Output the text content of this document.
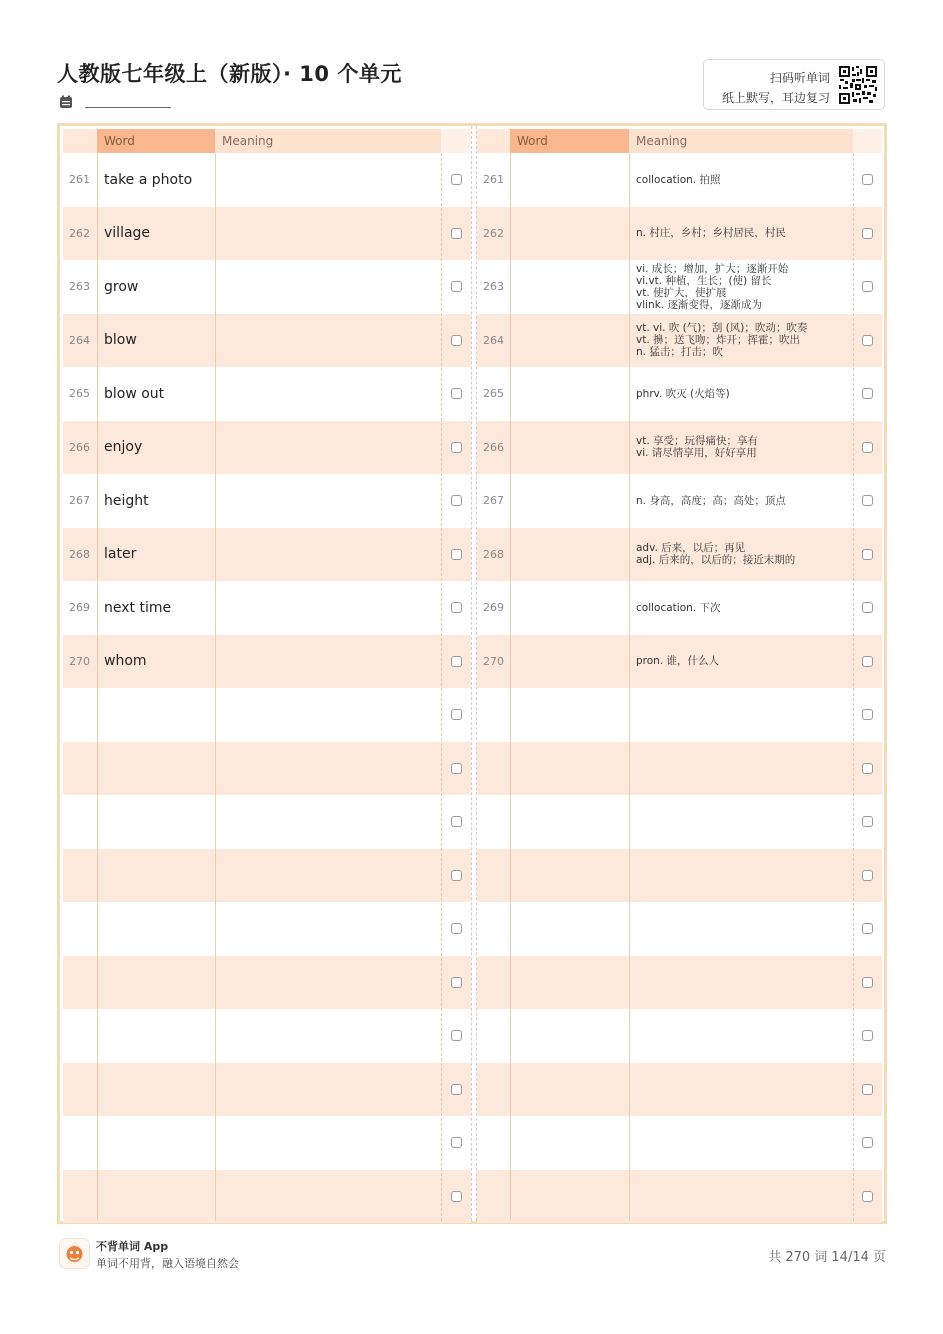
人教版七年级上（新版）· 10 个单元	扫码听单词
纸上默写，耳边复习
Word	Meaning
261	take a photo
262	village
263	grow
264	blow
265	blow out
266	enjoy
267	height
268	later
269	next time
270	whom
Word	Meaning
261	collocation. 拍照
262	n. 村庄，乡村；乡村居民，村民
263
vi. 成长；增加，扩大；逐渐开始
vi.vt. 种植，生长；(使) 留长
vt. 使扩大，使扩展
vlink. 逐渐变得，逐渐成为
264
vt. vi. 吹 (气)；刮 (风)；吹动；吹奏
vt. 擤；送飞吻；炸开；挥霍；吹出
n. 猛击；打击；吹
265	phrv. 吹灭 (火焰等)
266	vt. 享受；玩得痛快；享有
vi. 请尽情享用，好好享用
267	n. 身高，高度；高；高处；顶点
268	adv. 后来，以后；再见
adj. 后来的，以后的；接近末期的
269	collocation. 下次
270	pron. 谁，什么人
不背单词 App
单词不用背，融入语境自然会	共 270 词 14/14 页
